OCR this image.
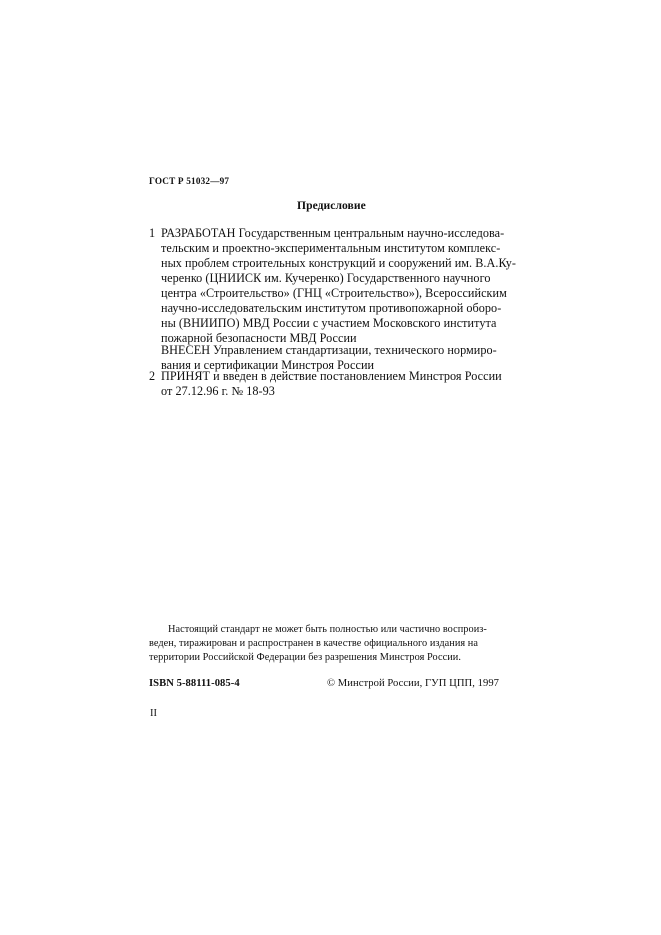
ГОСТ Р 51032—97
Предисловие
1 РАЗРАБОТАН Государственным центральным научно-исследова-
тельским и проектно-экспериментальным институтом комплекс-
ных проблем строительных конструкций и сооружений им. В.А.Ку-
черенко (ЦНИИСК им. Кучеренко) Государственного научного
центра «Строительство» (ГНЦ «Строительство»), Всероссийским
научно-исследовательским институтом противопожарной оборо-
ны (ВНИИПО) МВД России с участием Московского института
пожарной безопасности МВД России
ВНЕСЕН Управлением стандартизации, технического нормиро-
вания и сертификации Минстроя России
2 ПРИНЯТ и введен в действие постановлением Минстроя России
от 27.12.96 г. № 18-93
Настоящий стандарт не может быть полностью или частично воспроиз-
веден, тиражирован и распространен в качестве официального издания на
территории Российской Федерации без разрешения Минстроя России.
ISBN 5-88111-085-4	© Минстрой России, ГУП ЦПП, 1997
II
